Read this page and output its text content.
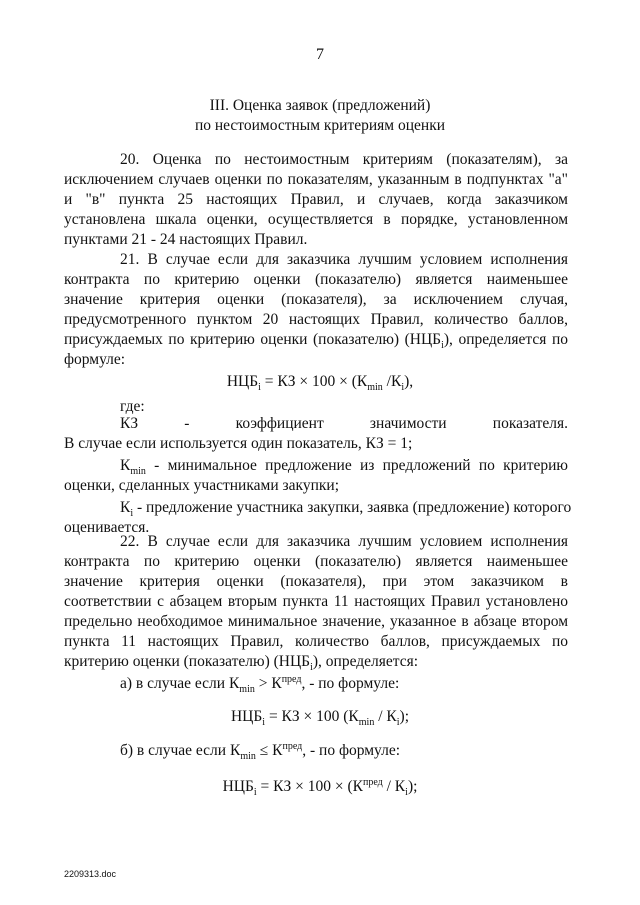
7
III. Оценка заявок (предложений)
по нестоимостным критериям оценки
20. Оценка по нестоимостным критериям (показателям), за
исключением случаев оценки по показателям, указанным в подпунктах "а"
и "в" пункта 25 настоящих Правил, и случаев, когда заказчиком
установлена шкала оценки, осуществляется в порядке, установленном
пунктами 21 - 24 настоящих Правил.
21. В случае если для заказчика лучшим условием исполнения
контракта по критерию оценки (показателю) является наименьшее
значение критерия оценки (показателя), за исключением случая,
предусмотренного пунктом 20 настоящих Правил, количество баллов,
присуждаемых по критерию оценки (показателю) $(НЦБ_i)$, определяется по
формуле:
$НЦБ_i$ = КЗ × $100 \times (К_{min}$ $/К_i$),
где:
КЗ	-	коэффициент	значимости	показателя.
В случае если используется один показатель, КЗ = 1;
$К_{min}$ - минимальное предложение из предложений по критерию
оценки, сделанных участниками закупки;
$К_i$ - предложение участника закупки, заявка (предложение) которого
оценивается.
22. В случае если для заказчика лучшим условием исполнения
контракта по критерию оценки (показателю) является наименьшее
значение критерия оценки (показателя), при этом заказчиком в
соответствии с абзацем вторым пункта 11 настоящих Правил установлено
предельно необходимое минимальное значение, указанное в абзаце втором
пункта 11 настоящих Правил, количество баллов, присуждаемых по
критерию оценки (показателю) $(НЦБ_i)$, определяется:
а) в случае если $К_{min} > К^{пред}$, - по формуле:
$НЦБ_i$ = КЗ × 100 $(К_{min} / К_i)$;
б) в случае если $К_{min} \le К^{пред}$, - по формуле:
$НЦБ_i$ = КЗ × $100 \times (К^{пред} / К_i)$;
2209313.doc
